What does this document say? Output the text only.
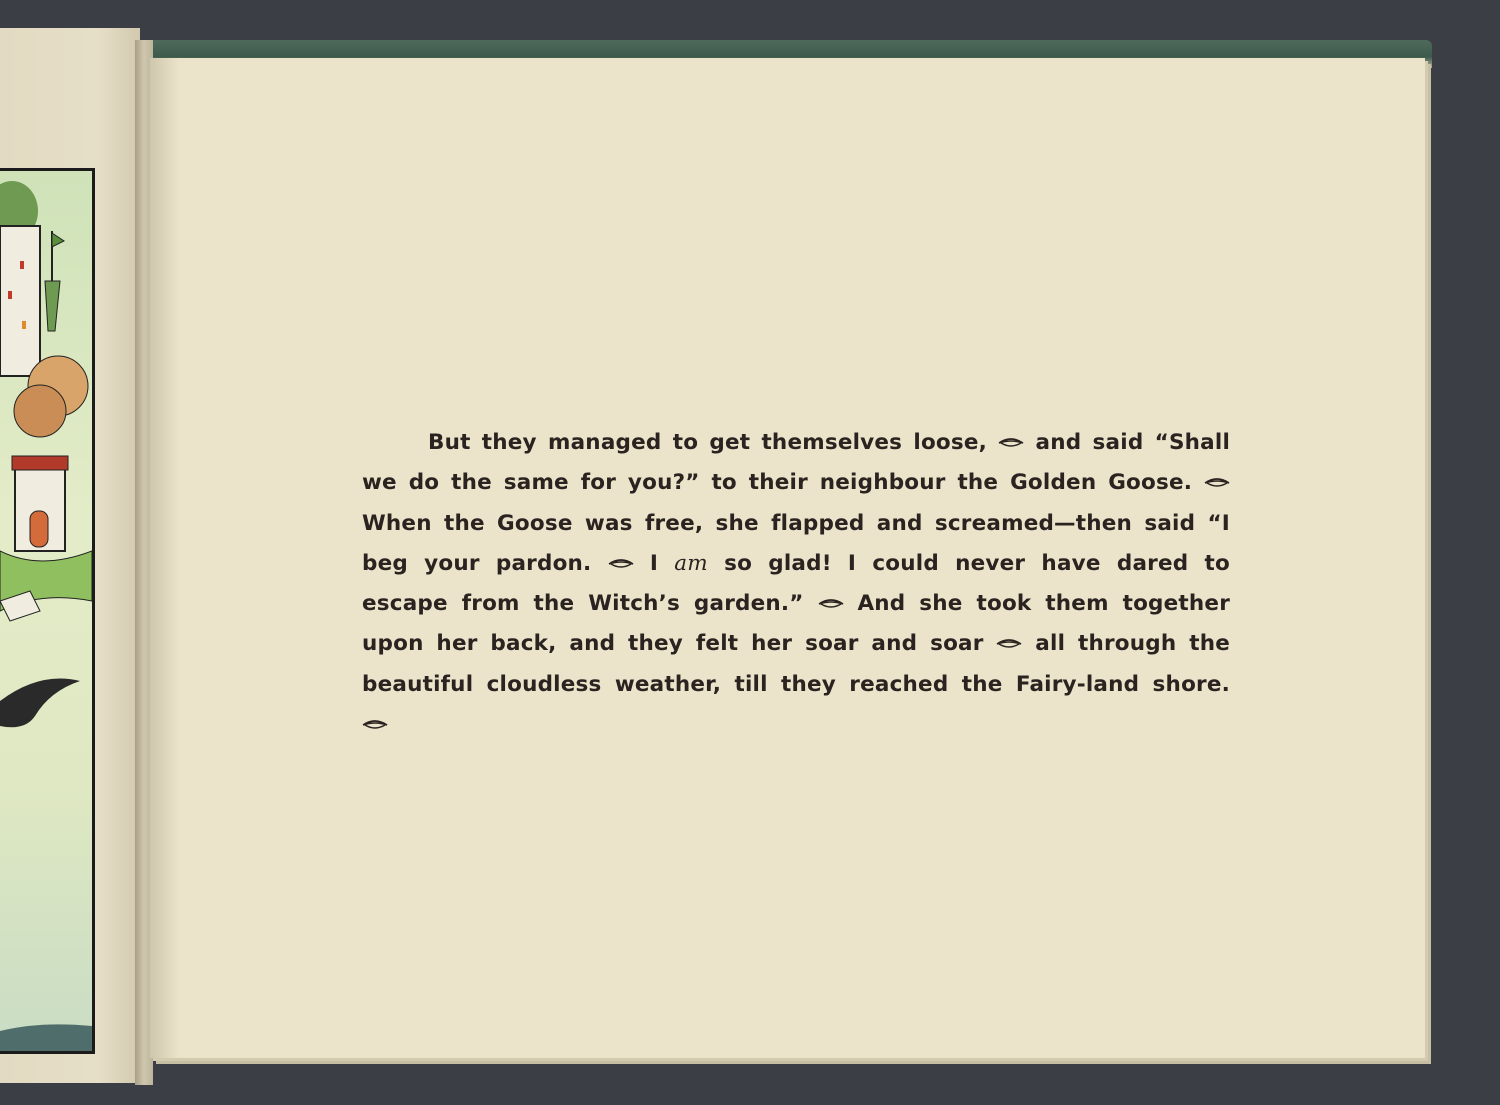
But they managed to get themselves loose,
and said “Shall we do the same for you?” to their neighbour the Golden Goose.
When the Goose was free, she flapped and screamed—then said “I beg your pardon.
I am so glad! I could never have dared to escape from the Witch’s garden.”
And she took them together upon her back, and they felt her soar and soar
all through the beautiful cloudless weather, till they reached the Fairy-land shore.
